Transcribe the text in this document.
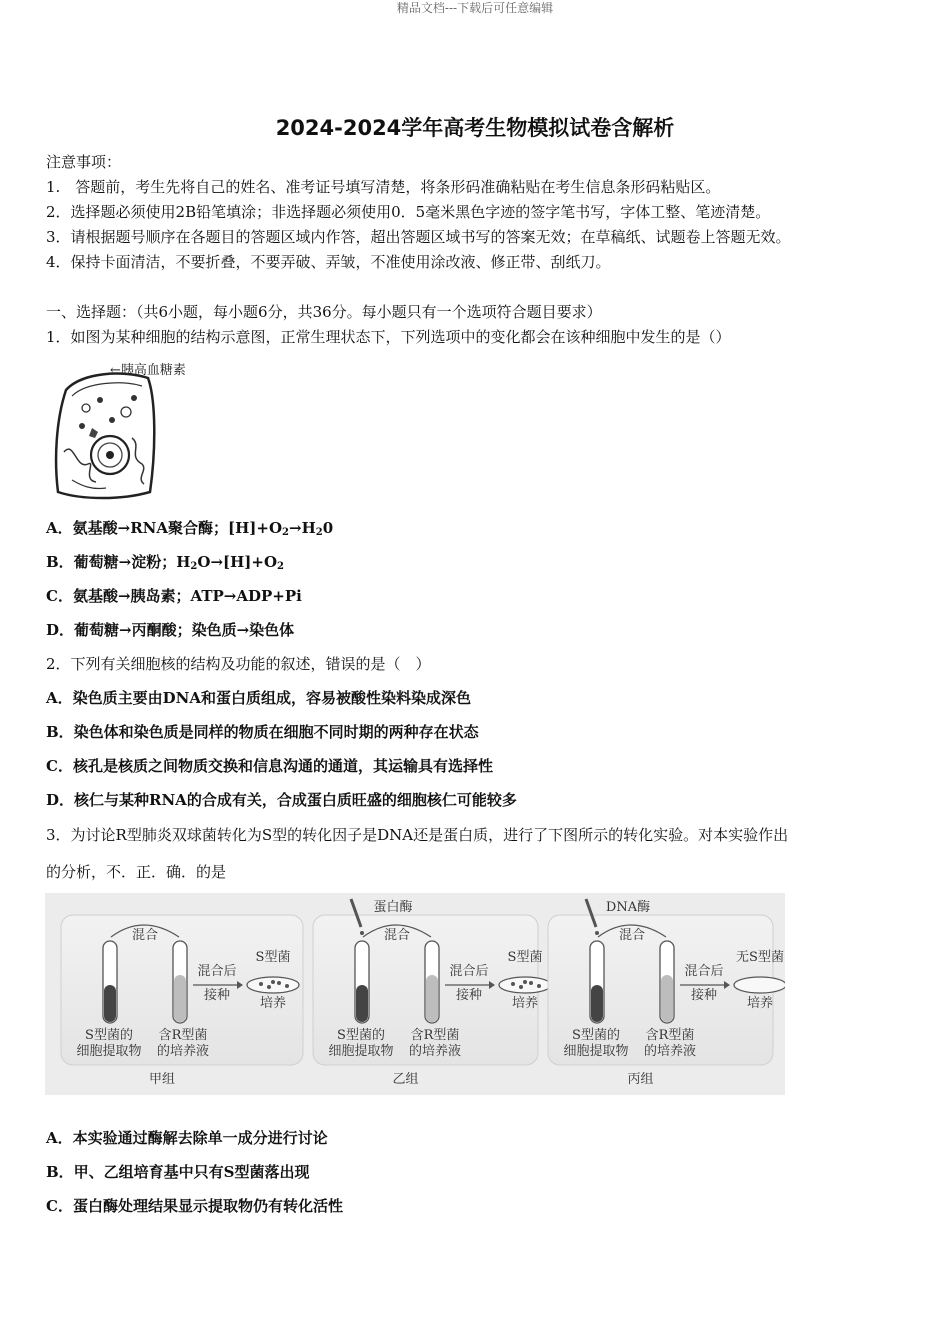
精品文档---下载后可任意编辑
2024-2024学年高考生物模拟试卷含解析
注意事项：
1.　答题前，考生先将自己的姓名、准考证号填写清楚，将条形码准确粘贴在考生信息条形码粘贴区。
2．选择题必须使用2B铅笔填涂；非选择题必须使用0．5毫米黑色字迹的签字笔书写，字体工整、笔迹清楚。
3．请根据题号顺序在各题目的答题区域内作答，超出答题区域书写的答案无效；在草稿纸、试题卷上答题无效。
4．保持卡面清洁，不要折叠，不要弄破、弄皱，不准使用涂改液、修正带、刮纸刀。
一、选择题：（共6小题，每小题6分，共36分。每小题只有一个选项符合题目要求）
1．如图为某种细胞的结构示意图，正常生理状态下，下列选项中的变化都会在该种细胞中发生的是（）
←胰高血糖素
A．氨基酸→RNA聚合酶；$[H]+O_2\to H_20$
B．葡萄糖→淀粉；$H_2O\to[H]+O_2$
C．氨基酸→胰岛素；ATP→ADP+Pi
D．葡萄糖→丙酮酸；染色质→染色体
2．下列有关细胞核的结构及功能的叙述，错误的是（　）
A．染色质主要由DNA和蛋白质组成，容易被酸性染料染成深色
B．染色体和染色质是同样的物质在细胞不同时期的两种存在状态
C．核孔是核质之间物质交换和信息沟通的通道，其运输具有选择性
D．核仁与某种RNA的合成有关，合成蛋白质旺盛的细胞核仁可能较多
3．为讨论R型肺炎双球菌转化为S型的转化因子是DNA还是蛋白质，进行了下图所示的转化实验。对本实验作出
的分析，不．正．确．的是
混合
混合后
接种
S型菌
培养
S型菌的
细胞提取物
含R型菌
的培养液
甲组
混合
混合后
接种
S型菌
培养
S型菌的
细胞提取物
含R型菌
的培养液
蛋白酶
乙组
混合
混合后
接种
无S型菌
培养
S型菌的
细胞提取物
含R型菌
的培养液
DNA酶
丙组
A．本实验通过酶解去除单一成分进行讨论
B．甲、乙组培育基中只有S型菌落出现
C．蛋白酶处理结果显示提取物仍有转化活性
